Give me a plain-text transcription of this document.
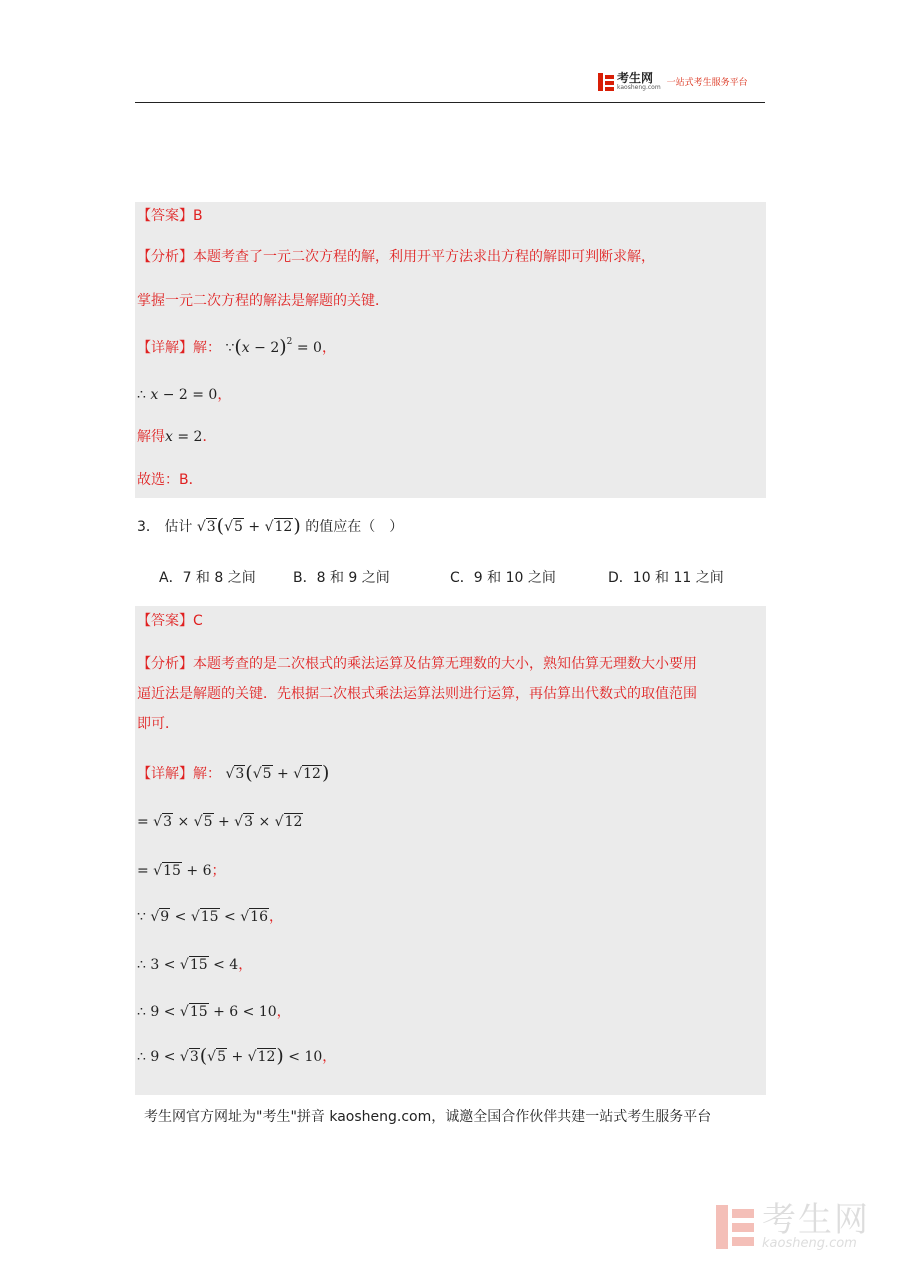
考生网
kaosheng.com 一站式考生服务平台
【答案】B
【分析】本题考查了一元二次方程的解，利用开平方法求出方程的解即可判断求解，
掌握一元二次方程的解法是解题的关键．
【详解】解： ∵(x − 2)$^2$ = 0，
∴ x − 2 = 0，
解得x = 2．
故选：B．
3． 估计 √3(√5 + √12) 的值应在（　）
A．7 和 8 之间	B．8 和 9 之间	C．9 和 10 之间	D．10 和 11 之间
【答案】C
【分析】本题考查的是二次根式的乘法运算及估算无理数的大小，熟知估算无理数大小要用
逼近法是解题的关键．先根据二次根式乘法运算法则进行运算，再估算出代数式的取值范围
即可．
【详解】解： √3(√5 + √12)
= √3 × √5 + √3 × √12
= √15 + 6；
∵ √9 < √15 < √16，
∴ 3 < √15 < 4，
∴ 9 < √15 + 6 < 10，
∴ 9 < √3(√5 + √12) < 10，
考生网官方网址为"考生"拼音 kaosheng.com，诚邀全国合作伙伴共建一站式考生服务平台
考生网
kaosheng.com
